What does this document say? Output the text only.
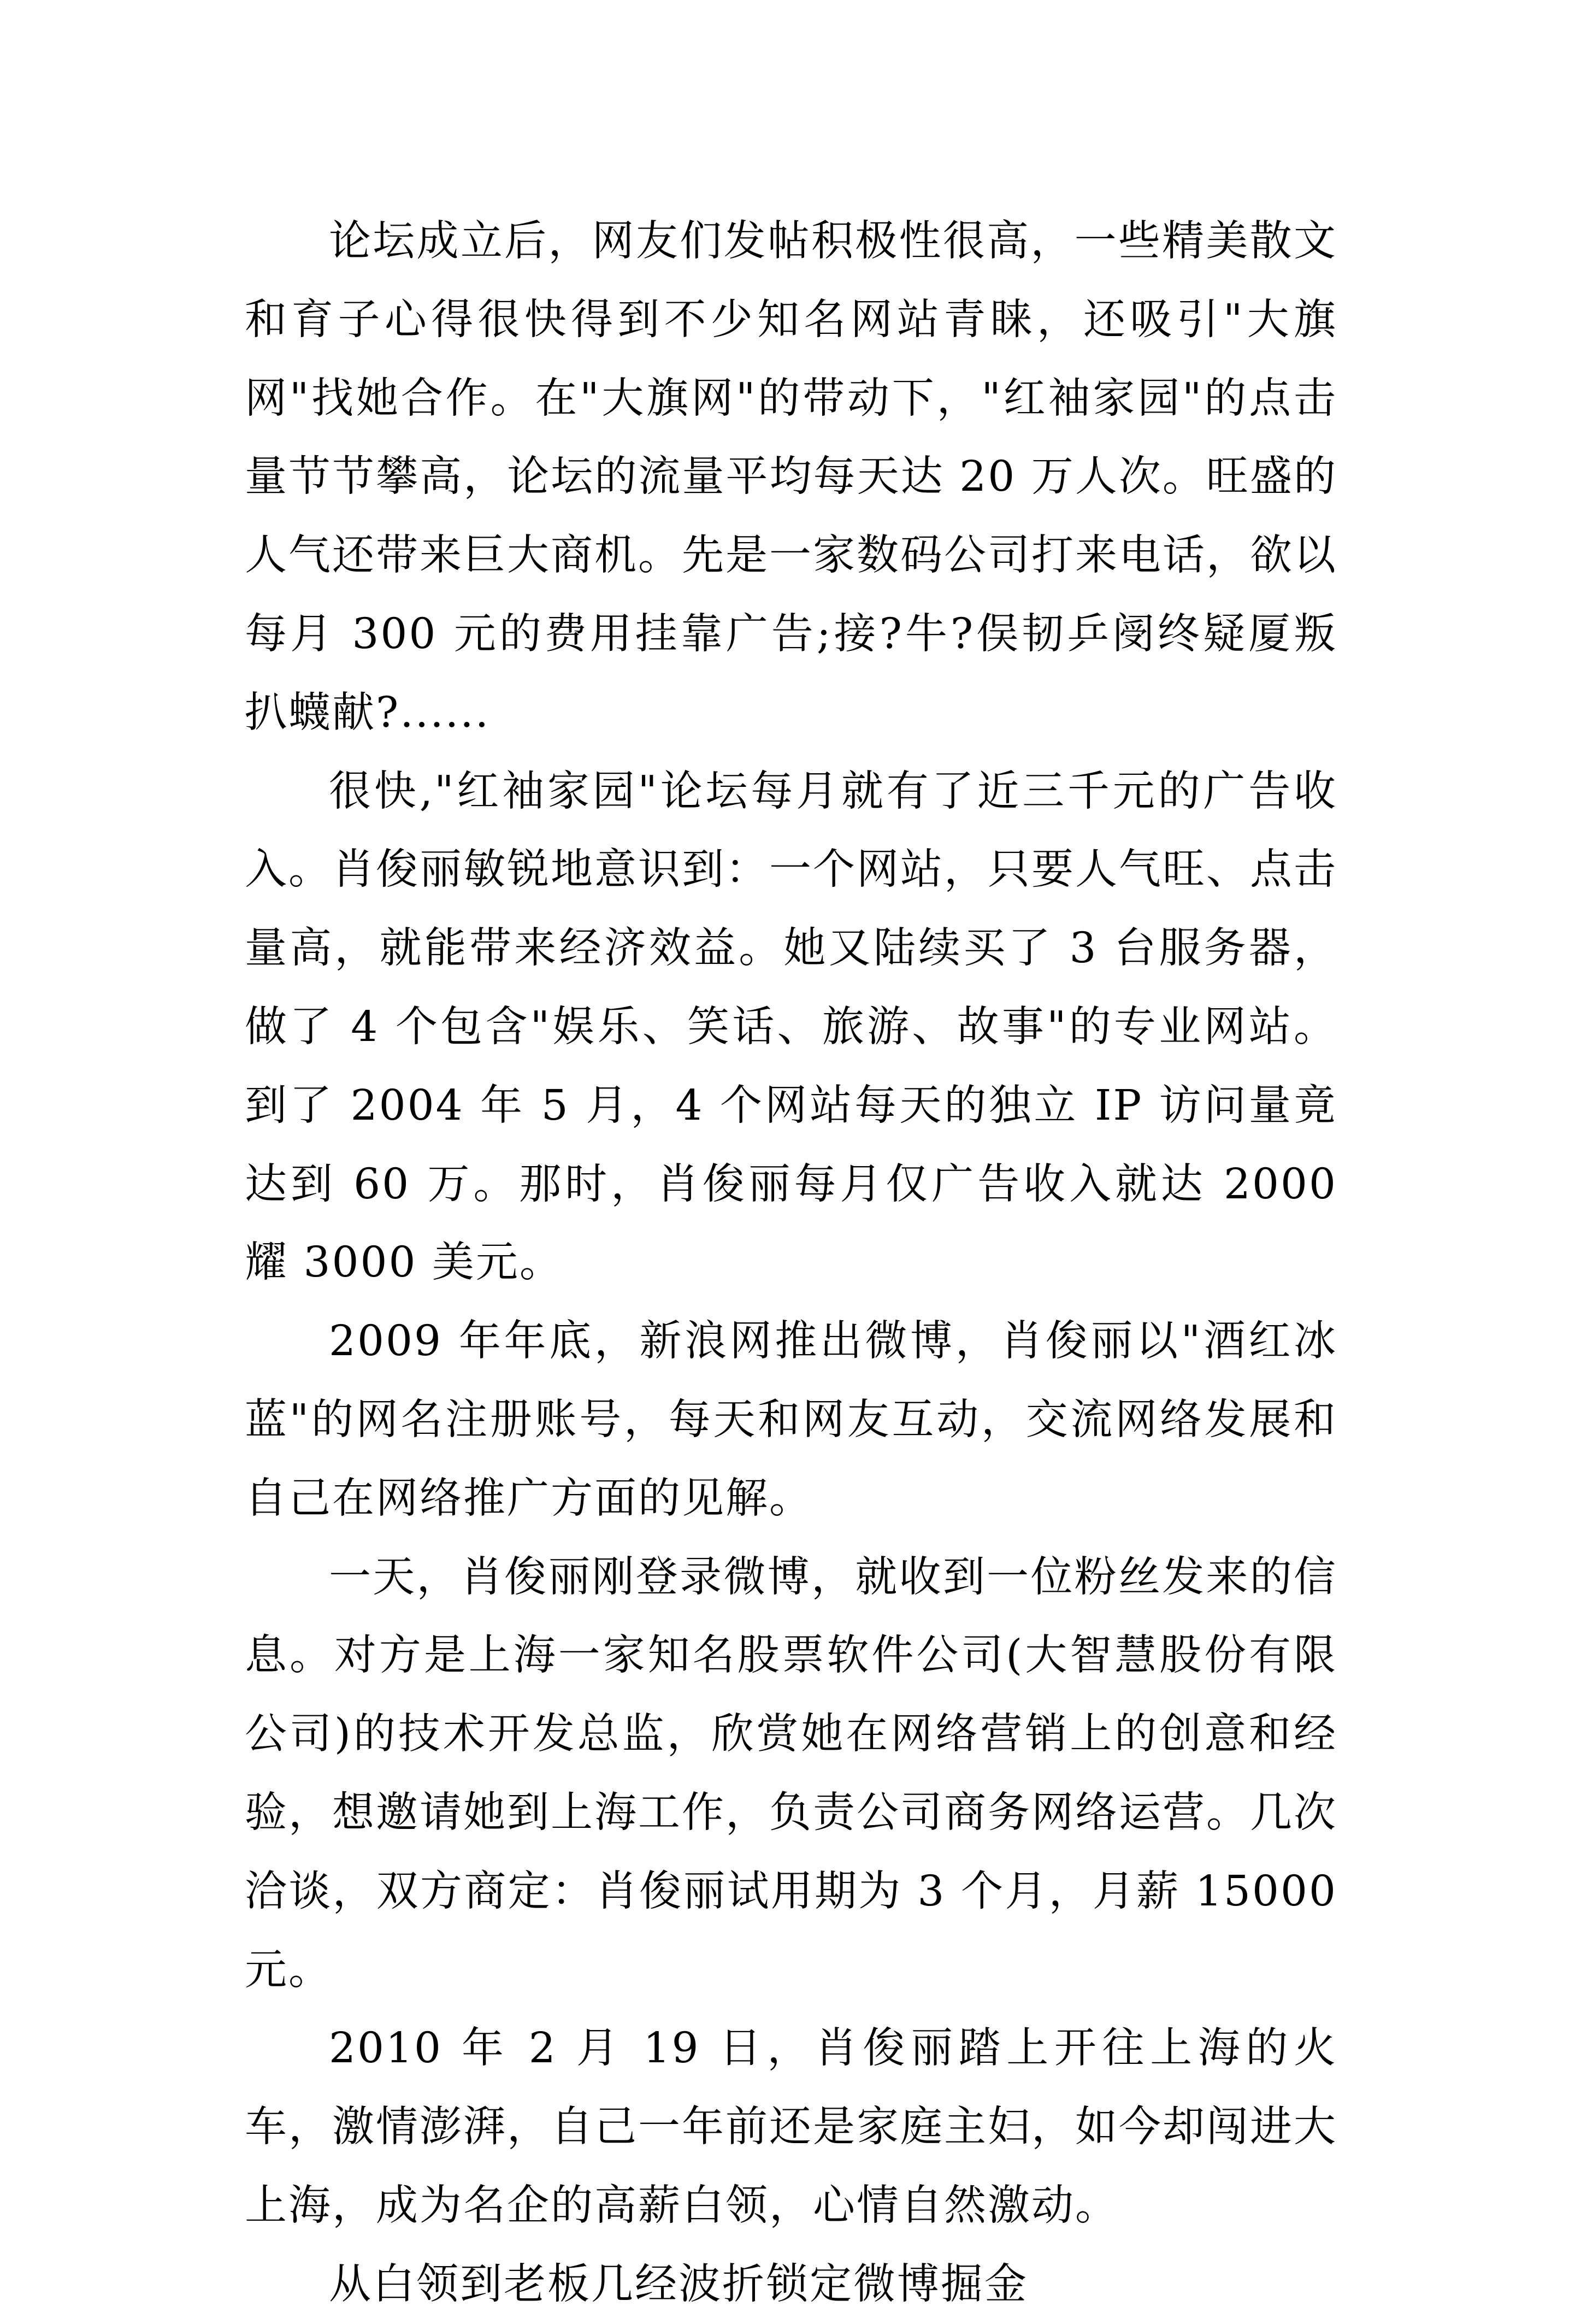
论坛成立后，网友们发帖积极性很高，一些精美散文和育子心得很快得到不少知名网站青睐，还吸引"大旗网"找她合作。在"大旗网"的带动下，"红袖家园"的点击量节节攀高，论坛的流量平均每天达 20 万人次。旺盛的人气还带来巨大商机。先是一家数码公司打来电话，欲以每月 300 元的费用挂靠广告;接?牛?俣韧乒阌终疑厦叛扒蠛献?......

很快,"红袖家园"论坛每月就有了近三千元的广告收入。肖俊丽敏锐地意识到：一个网站，只要人气旺、点击量高，就能带来经济效益。她又陆续买了 3 台服务器，做了 4 个包含"娱乐、笑话、旅游、故事"的专业网站。到了 2004 年 5 月，4 个网站每天的独立 IP 访问量竟达到 60 万。那时，肖俊丽每月仅广告收入就达 2000 耀 3000 美元。

2009 年年底，新浪网推出微博，肖俊丽以"酒红冰蓝"的网名注册账号，每天和网友互动，交流网络发展和自己在网络推广方面的见解。

一天，肖俊丽刚登录微博，就收到一位粉丝发来的信息。对方是上海一家知名股票软件公司(大智慧股份有限公司)的技术开发总监，欣赏她在网络营销上的创意和经验，想邀请她到上海工作，负责公司商务网络运营。几次洽谈，双方商定：肖俊丽试用期为 3 个月，月薪 15000 元。

2010 年 2 月 19 日，肖俊丽踏上开往上海的火车，激情澎湃，自己一年前还是家庭主妇，如今却闯进大上海，成为名企的高薪白领，心情自然激动。

从白领到老板几经波折锁定微博掘金
